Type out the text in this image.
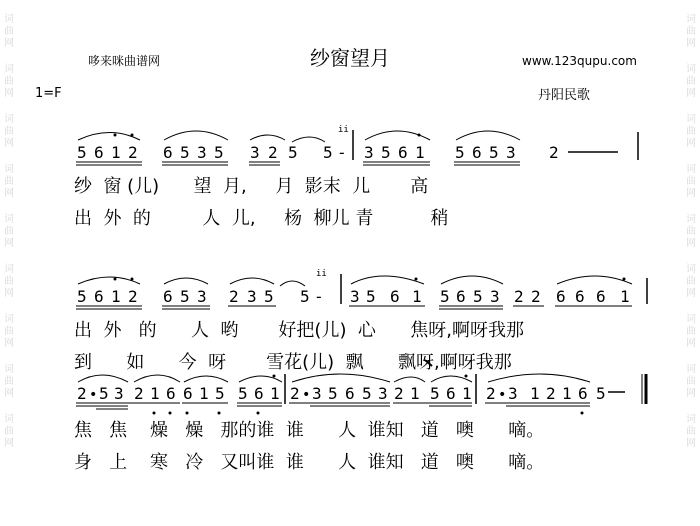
词
曲
网
词
曲
网
词
曲
网
词
曲
网
词
曲
网
词
曲
网
词
曲
网
词
曲
网
词
曲
网
词
曲
网
词
曲
网
词
曲
网
词
曲
网
词
曲
网
词
曲
网
词
曲
网
词
曲
网
词
曲
网
哆来咪曲谱网	纱窗望月	www.123qupu.com
1=F	丹阳民歌
5 6 1 2 6 5 3 5 3 2 5 5 - 3 5 6 1 5 6 5 3 2
ii
5 6 1 2 6 5 3 2 3 5 5 - 3 5 6 1 5 6 5 3 2 2 6 6 6 1
ii
2 • 5 3 2 1 6 6 1 5 5 6 1 2 • 3 5 6 5 3 2 1 5 6 1 2 • 3 1 2 1 6 5
纱  窗 (儿)      望  月,     月  影末  儿       高
出  外  的         人  儿,     杨  柳儿 青          稍
出  外   的      人  哟       好把(儿)  心      焦呀,啊呀我那
到      如      今  呀       雪花(儿)  飘      飘呀,啊呀我那
焦   焦    燥   燥   那的谁  谁      人  谁知   道   噢      嘀。
身   上    寒   冷   又叫谁  谁      人  谁知   道   噢      嘀。
